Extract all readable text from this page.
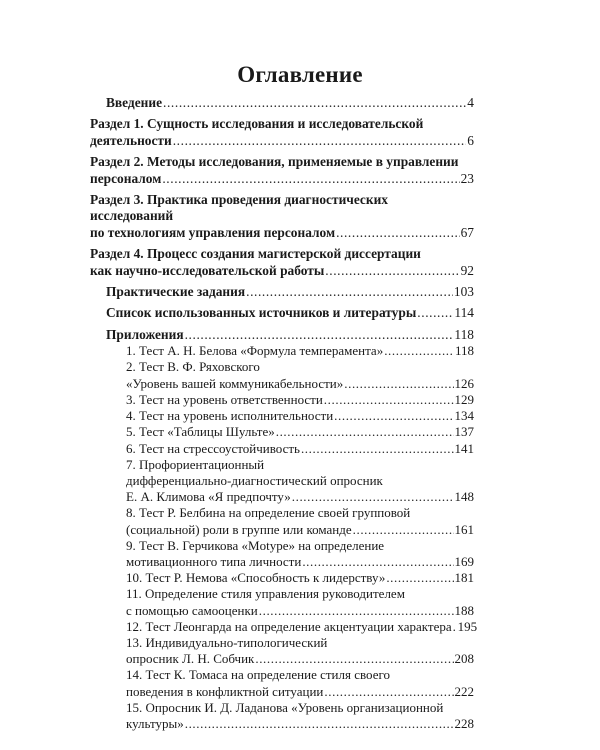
Оглавление
Введение .....	4
Раздел 1. Сущность исследования и исследовательской
деятельности .....	6
Раздел 2. Методы исследования, применяемые в управлении
персоналом .....	23
Раздел 3. Практика проведения диагностических исследований
по технологиям управления персоналом .....	67
Раздел 4. Процесс создания магистерской диссертации
как научно-исследовательской работы .....	92
Практические задания .....	103
Список использованных источников и литературы .....	114
Приложения .....	118
1. Тест А. Н. Белова «Формула темперамента» .....	118
2. Тест В. Ф. Ряховского
«Уровень вашей коммуникабельности» .....	126
3. Тест на уровень ответственности .....	129
4. Тест на уровень исполнительности .....	134
5. Тест «Таблицы Шульте» .....	137
6. Тест на стрессоустойчивость .....	141
7. Профориентационный
дифференциально-диагностический опросник
Е. А. Климова «Я предпочту» .....	148
8. Тест Р. Белбина на определение своей групповой
(социальной) роли в группе или команде .....	161
9. Тест В. Герчикова «Motype» на определение
мотивационного типа личности .....	169
10. Тест Р. Немова «Способность к лидерству» .....	181
11. Определение стиля управления руководителем
с помощью самооценки .....	188
12. Тест Леонгарда на определение акцентуации характера ..... 195
13. Индивидуально-типологический
опросник Л. Н. Собчик .....	208
14. Тест К. Томаса на определение стиля своего
поведения в конфликтной ситуации .....	222
15. Опросник И. Д. Ладанова «Уровень организационной
культуры» .....	228
